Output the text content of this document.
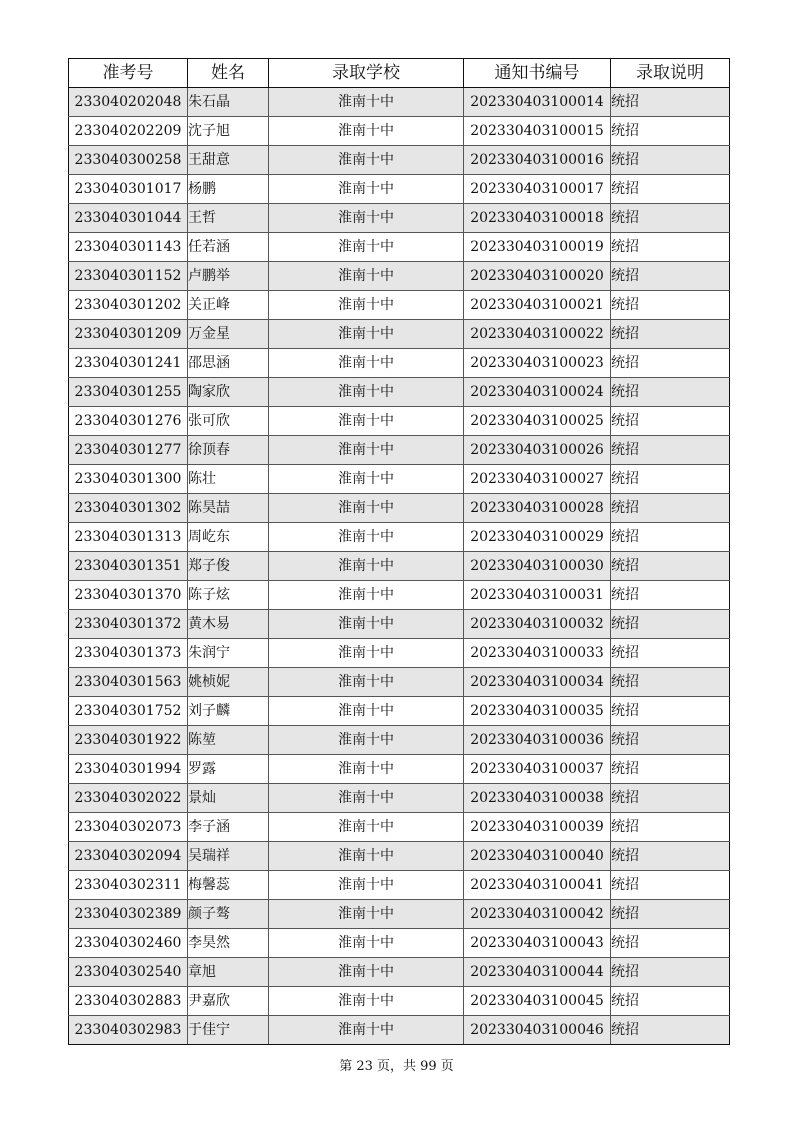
准考号	姓名	录取学校	通知书编号	录取说明
233040202048	朱石晶	淮南十中	202330403100014	统招
233040202209	沈子旭	淮南十中	202330403100015	统招
233040300258	王甜意	淮南十中	202330403100016	统招
233040301017	杨鹏	淮南十中	202330403100017	统招
233040301044	王哲	淮南十中	202330403100018	统招
233040301143	任若涵	淮南十中	202330403100019	统招
233040301152	卢鹏举	淮南十中	202330403100020	统招
233040301202	关正峰	淮南十中	202330403100021	统招
233040301209	万金星	淮南十中	202330403100022	统招
233040301241	邵思涵	淮南十中	202330403100023	统招
233040301255	陶家欣	淮南十中	202330403100024	统招
233040301276	张可欣	淮南十中	202330403100025	统招
233040301277	徐顶春	淮南十中	202330403100026	统招
233040301300	陈壮	淮南十中	202330403100027	统招
233040301302	陈昊喆	淮南十中	202330403100028	统招
233040301313	周屹东	淮南十中	202330403100029	统招
233040301351	郑子俊	淮南十中	202330403100030	统招
233040301370	陈子炫	淮南十中	202330403100031	统招
233040301372	黄木易	淮南十中	202330403100032	统招
233040301373	朱润宁	淮南十中	202330403100033	统招
233040301563	姚桢妮	淮南十中	202330403100034	统招
233040301752	刘子麟	淮南十中	202330403100035	统招
233040301922	陈堃	淮南十中	202330403100036	统招
233040301994	罗露	淮南十中	202330403100037	统招
233040302022	景灿	淮南十中	202330403100038	统招
233040302073	李子涵	淮南十中	202330403100039	统招
233040302094	吴瑞祥	淮南十中	202330403100040	统招
233040302311	梅馨蕊	淮南十中	202330403100041	统招
233040302389	颜子骜	淮南十中	202330403100042	统招
233040302460	李昊然	淮南十中	202330403100043	统招
233040302540	章旭	淮南十中	202330403100044	统招
233040302883	尹嘉欣	淮南十中	202330403100045	统招
233040302983	于佳宁	淮南十中	202330403100046	统招
第 23 页，共 99 页
